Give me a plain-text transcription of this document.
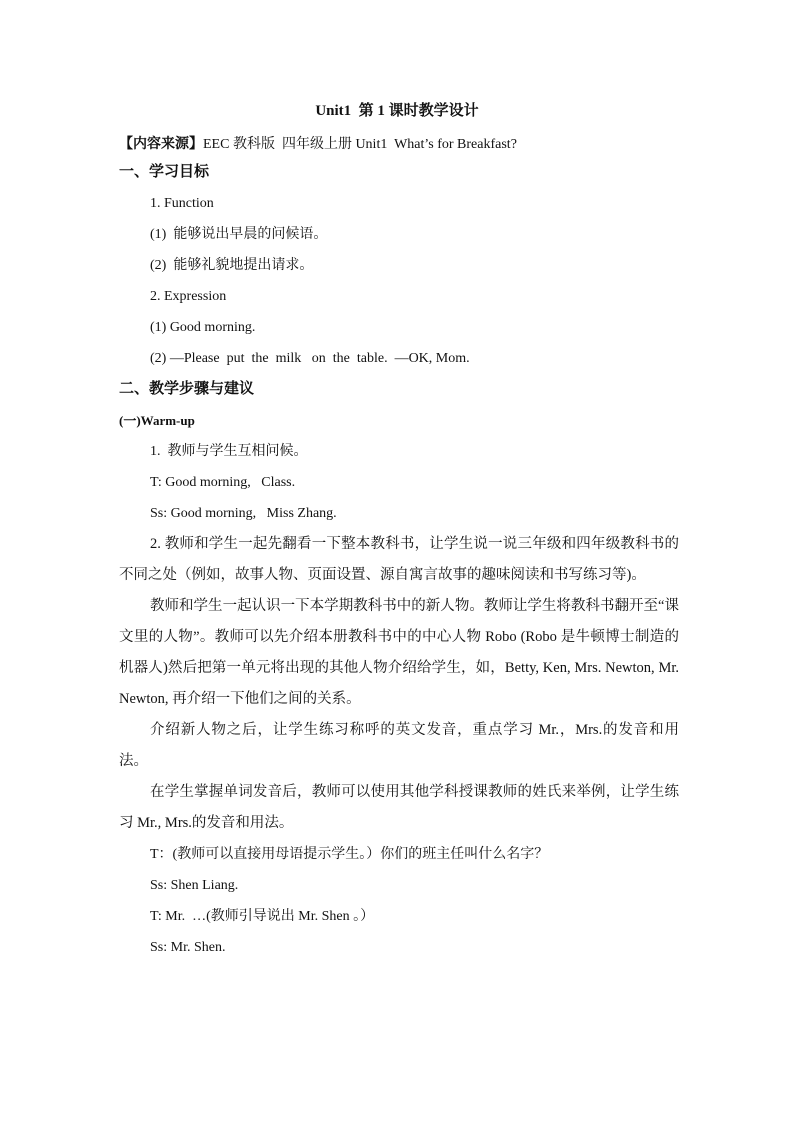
Unit1  第 1 课时教学设计
【内容来源】EEC 教科版  四年级上册 Unit1  What’s for Breakfast?
一、学习目标
1. Function
(1)  能够说出早晨的问候语。
(2)  能够礼貌地提出请求。
2. Expression
(1) Good morning.
(2) —Please  put  the  milk   on  the  table.  —OK, Mom.
二、教学步骤与建议
(一)Warm-up
1.  教师与学生互相问候。
T: Good morning,   Class.
Ss: Good morning,   Miss Zhang.
2. 教师和学生一起先翻看一下整本教科书，让学生说一说三年级和四年级教科书的不同之处（例如，故事人物、页面设置、源自寓言故事的趣味阅读和书写练习等)。
教师和学生一起认识一下本学期教科书中的新人物。教师让学生将教科书翻开至“课文里的人物”。教师可以先介绍本册教科书中的中心人物 Robo (Robo 是牛顿博士制造的机器人)然后把第一单元将出现的其他人物介绍给学生，如，Betty, Ken, Mrs. Newton, Mr. Newton, 再介绍一下他们之间的关系。
介绍新人物之后，让学生练习称呼的英文发音，重点学习 Mr.，Mrs.的发音和用法。
在学生掌握单词发音后，教师可以使用其他学科授课教师的姓氏来举例，让学生练习 Mr., Mrs.的发音和用法。
T：(教师可以直接用母语提示学生。）你们的班主任叫什么名字？
Ss: Shen Liang.
T: Mr.  …(教师引导说出 Mr. Shen 。）
Ss: Mr. Shen.
